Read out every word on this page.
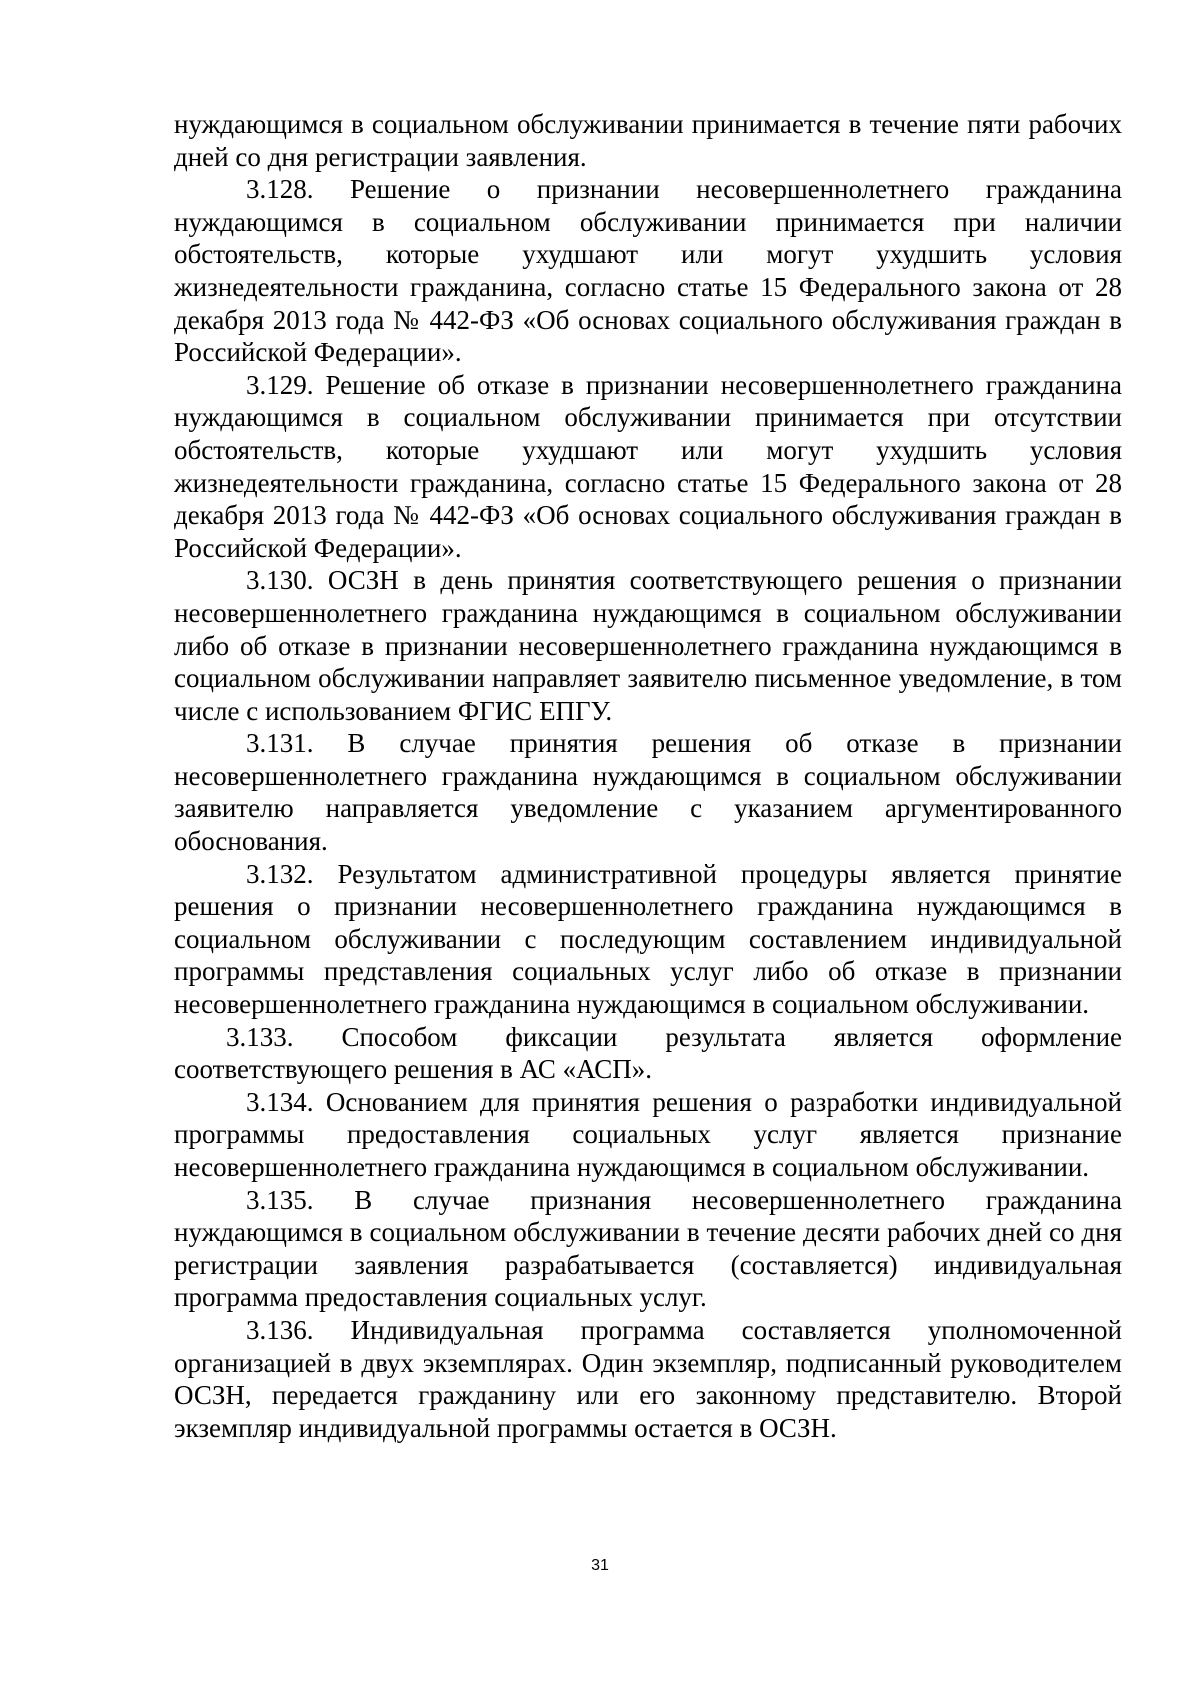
нуждающимся в социальном обслуживании принимается в течение пяти рабочих дней со дня регистрации заявления.

3.128. Решение о признании несовершеннолетнего гражданина нуждающимся в социальном обслуживании принимается при наличии обстоятельств, которые ухудшают или могут ухудшить условия жизнедеятельности гражданина, согласно статье 15 Федерального закона от 28 декабря 2013 года № 442-ФЗ «Об основах социального обслуживания граждан в Российской Федерации».

3.129. Решение об отказе в признании несовершеннолетнего гражданина нуждающимся в социальном обслуживании принимается при отсутствии обстоятельств, которые ухудшают или могут ухудшить условия жизнедеятельности гражданина, согласно статье 15 Федерального закона от 28 декабря 2013 года № 442-ФЗ «Об основах социального обслуживания граждан в Российской Федерации».

3.130. ОСЗН в день принятия соответствующего решения о признании несовершеннолетнего гражданина нуждающимся в социальном обслуживании либо об отказе в признании несовершеннолетнего гражданина нуждающимся в социальном обслуживании направляет заявителю письменное уведомление, в том числе с использованием ФГИС ЕПГУ.

3.131. В случае принятия решения об отказе в признании несовершеннолетнего гражданина нуждающимся в социальном обслуживании заявителю направляется уведомление с указанием аргументированного обоснования.

3.132. Результатом административной процедуры является принятие решения о признании несовершеннолетнего гражданина нуждающимся в социальном обслуживании с последующим составлением индивидуальной программы представления социальных услуг либо об отказе в признании несовершеннолетнего гражданина нуждающимся в социальном обслуживании.

3.133. Способом фиксации результата является оформление соответствующего решения в АС «АСП».

3.134. Основанием для принятия решения о разработки индивидуальной программы предоставления социальных услуг является признание несовершеннолетнего гражданина нуждающимся в социальном обслуживании.

3.135. В случае признания несовершеннолетнего гражданина нуждающимся в социальном обслуживании в течение десяти рабочих дней со дня регистрации заявления разрабатывается (составляется) индивидуальная программа предоставления социальных услуг.

3.136. Индивидуальная программа составляется уполномоченной организацией в двух экземплярах. Один экземпляр, подписанный руководителем ОСЗН, передается гражданину или его законному представителю. Второй экземпляр индивидуальной программы остается в ОСЗН.

31
